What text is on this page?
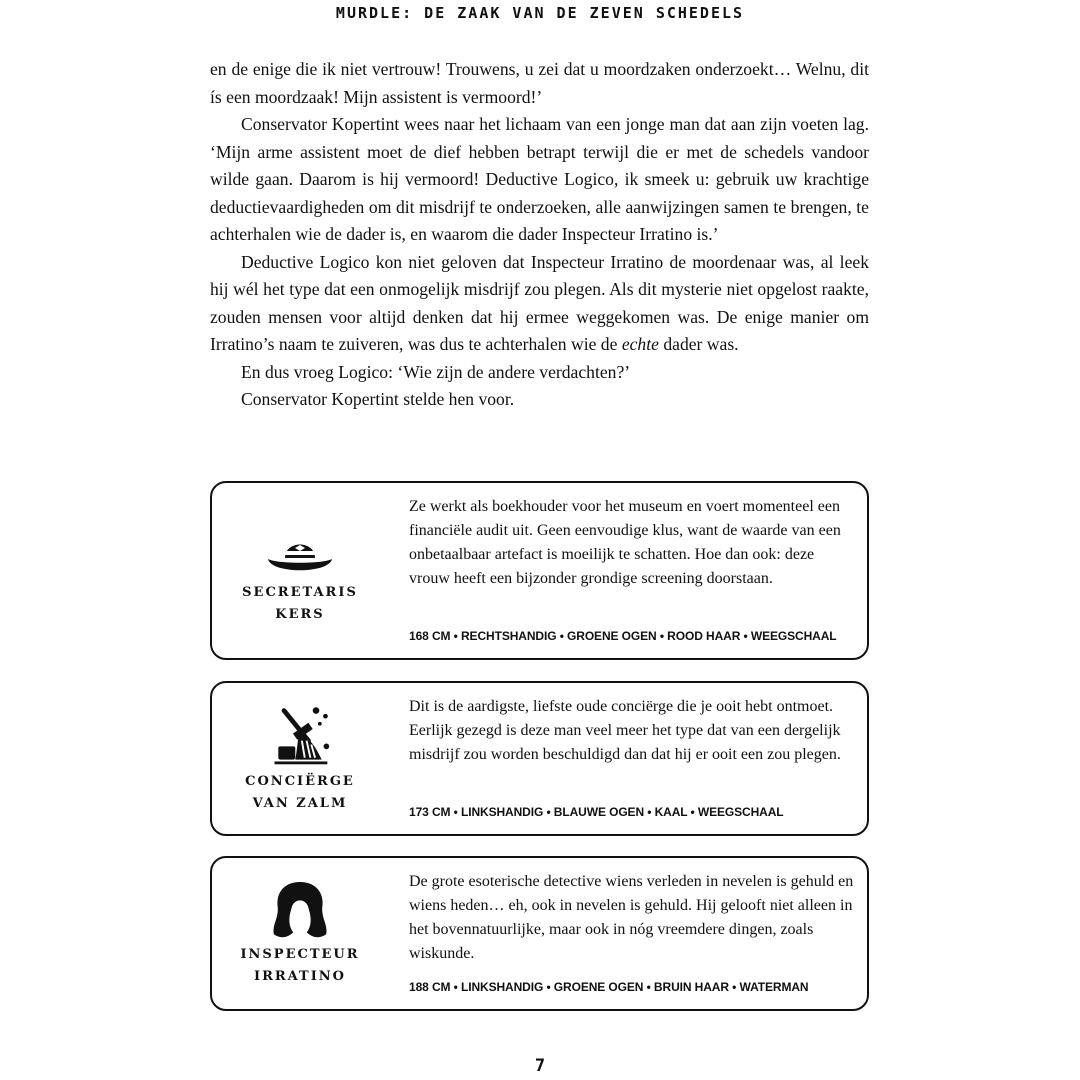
MURDLE: DE ZAAK VAN DE ZEVEN SCHEDELS

en de enige die ik niet vertrouw! Trouwens, u zei dat u moordzaken onderzoekt… Welnu, dit ís een moordzaak! Mijn assistent is vermoord!’

Conservator Kopertint wees naar het lichaam van een jonge man dat aan zijn voeten lag. ‘Mijn arme assistent moet de dief hebben betrapt terwijl die er met de schedels vandoor wilde gaan. Daarom is hij vermoord! Deductive Logico, ik smeek u: gebruik uw krachtige deductievaardigheden om dit misdrijf te onderzoeken, alle aanwijzingen samen te brengen, te achterhalen wie de dader is, en waarom die dader Inspecteur Irratino is.’

Deductive Logico kon niet geloven dat Inspecteur Irratino de moordenaar was, al leek hij wél het type dat een onmogelijk misdrijf zou plegen. Als dit mysterie niet opgelost raakte, zouden mensen voor altijd denken dat hij ermee weggekomen was. De enige manier om Irratino’s naam te zuiveren, was dus te achterhalen wie de echte dader was.

En dus vroeg Logico: ‘Wie zijn de andere verdachten?’

Conservator Kopertint stelde hen voor.

SECRETARIS KERS
Ze werkt als boekhouder voor het museum en voert momenteel een financiële audit uit. Geen eenvoudige klus, want de waarde van een onbetaalbaar artefact is moeilijk te schatten. Hoe dan ook: deze vrouw heeft een bijzonder grondige screening doorstaan.
168 CM • RECHTSHANDIG • GROENE OGEN • ROOD HAAR • WEEGSCHAAL
CONCIËRGE VAN ZALM
Dit is de aardigste, liefste oude conciërge die je ooit hebt ontmoet. Eerlijk gezegd is deze man veel meer het type dat van een dergelijk misdrijf zou worden beschuldigd dan dat hij er ooit een zou plegen.
173 CM • LINKSHANDIG • BLAUWE OGEN • KAAL • WEEGSCHAAL
INSPECTEUR IRRATINO
De grote esoterische detective wiens verleden in nevelen is gehuld en wiens heden… eh, ook in nevelen is gehuld. Hij gelooft niet alleen in het bovennatuurlijke, maar ook in nóg vreemdere dingen, zoals wiskunde.
188 CM • LINKSHANDIG • GROENE OGEN • BRUIN HAAR • WATERMAN
7
